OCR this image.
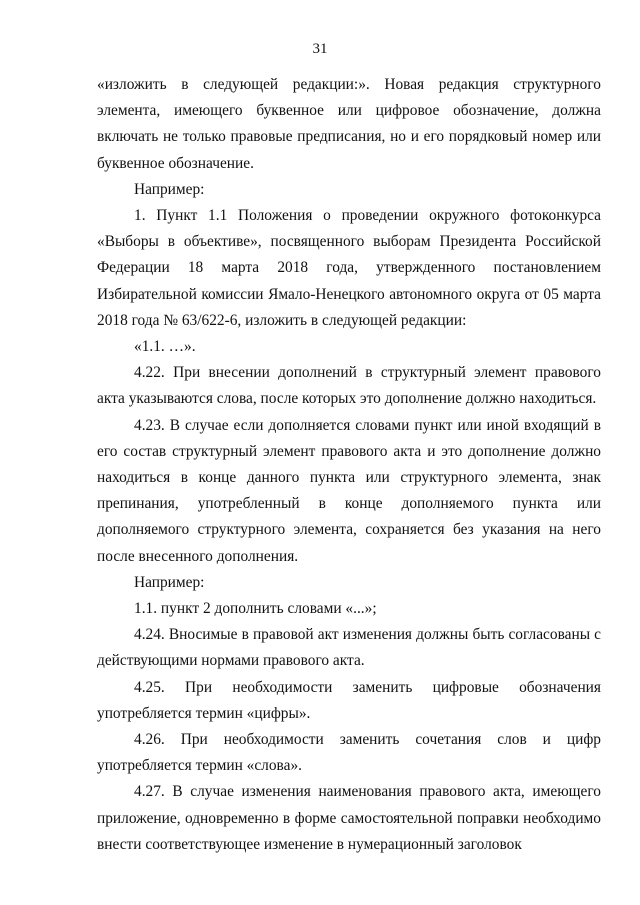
31

«изложить в следующей редакции:». Новая редакция структурного элемента, имеющего буквенное или цифровое обозначение, должна включать не только правовые предписания, но и его порядковый номер или буквенное обозначение.

Например:

1. Пункт 1.1 Положения о проведении окружного фотоконкурса «Выборы в объективе», посвященного выборам Президента Российской Федерации 18 марта 2018 года, утвержденного постановлением Избирательной комиссии Ямало-Ненецкого автономного округа от 05 марта 2018 года № 63/622-6, изложить в следующей редакции:

«1.1. …».

4.22. При внесении дополнений в структурный элемент правового акта указываются слова, после которых это дополнение должно находиться.

4.23. В случае если дополняется словами пункт или иной входящий в его состав структурный элемент правового акта и это дополнение должно находиться в конце данного пункта или структурного элемента, знак препинания, употребленный в конце дополняемого пункта или дополняемого структурного элемента, сохраняется без указания на него после внесенного дополнения.

Например:

1.1. пункт 2 дополнить словами «...»;

4.24. Вносимые в правовой акт изменения должны быть согласованы с действующими нормами правового акта.

4.25. При необходимости заменить цифровые обозначения употребляется термин «цифры».

4.26. При необходимости заменить сочетания слов и цифр употребляется термин «слова».

4.27. В случае изменения наименования правового акта, имеющего приложение, одновременно в форме самостоятельной поправки необходимо внести соответствующее изменение в нумерационный заголовок
